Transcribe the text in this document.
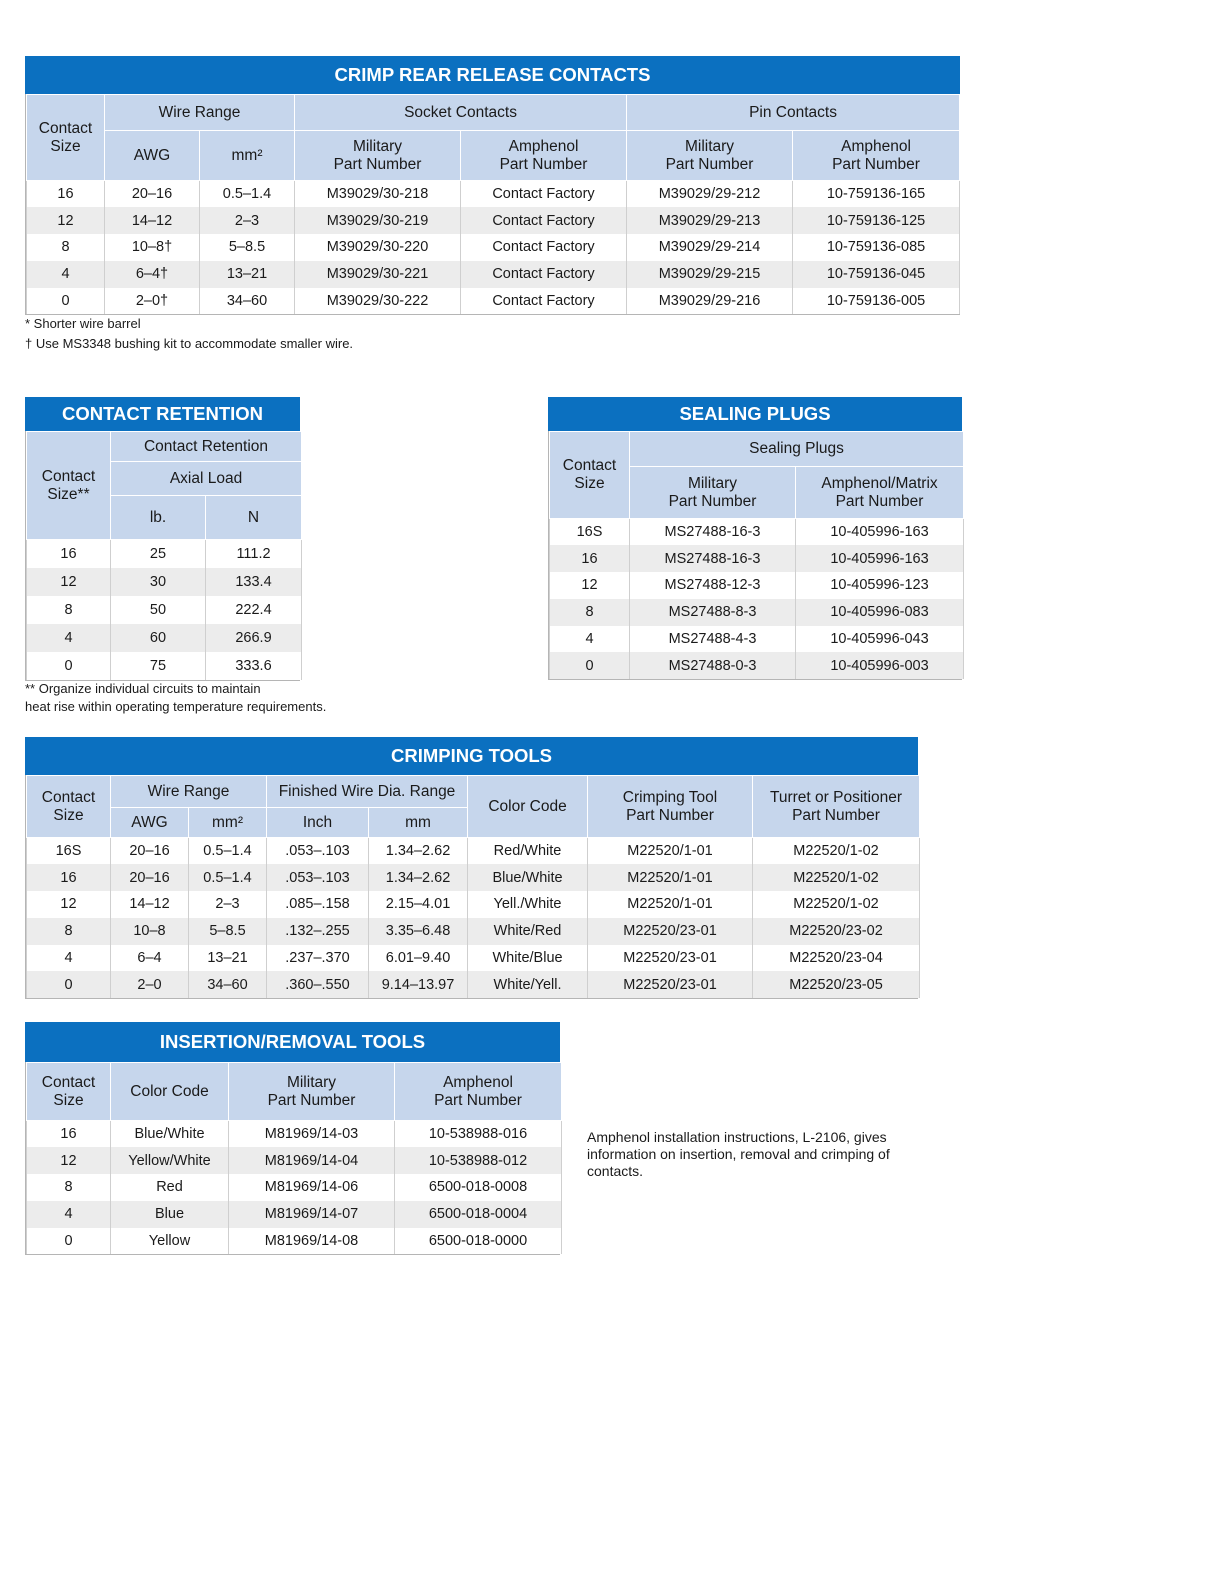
CRIMP REAR RELEASE CONTACTS
Contact
Size	Wire Range		Socket Contacts		Pin Contacts	
	AWG	mm²	Military
Part Number	Amphenol
Part Number	Military
Part Number	Amphenol
Part Number
16	20–16	0.5–1.4	M39029/30-218	Contact Factory	M39029/29-212	10-759136-165
12	14–12	2–3	M39029/30-219	Contact Factory	M39029/29-213	10-759136-125
8	10–8†	5–8.5	M39029/30-220	Contact Factory	M39029/29-214	10-759136-085
4	6–4†	13–21	M39029/30-221	Contact Factory	M39029/29-215	10-759136-045
0	2–0†	34–60	M39029/30-222	Contact Factory	M39029/29-216	10-759136-005
* Shorter wire barrel
† Use MS3348 bushing kit to accommodate smaller wire.
CONTACT RETENTION
Contact
Size**	Contact Retention	
	Axial Load	
	lb.	N
16	25	111.2
12	30	133.4
8	50	222.4
4	60	266.9
0	75	333.6
** Organize individual circuits to maintain
heat rise within operating temperature requirements.
SEALING PLUGS
Contact
Size	Sealing Plugs	
	Military
Part Number	Amphenol/Matrix
Part Number
16S	MS27488-16-3	10-405996-163
16	MS27488-16-3	10-405996-163
12	MS27488-12-3	10-405996-123
8	MS27488-8-3	10-405996-083
4	MS27488-4-3	10-405996-043
0	MS27488-0-3	10-405996-003
CRIMPING TOOLS
Contact
Size	Wire Range		Finished Wire Dia. Range		Color Code	Crimping Tool
Part Number	Turret or Positioner
Part Number
	AWG	mm²	Inch	mm			
16S	20–16	0.5–1.4	.053–.103	1.34–2.62	Red/White	M22520/1-01	M22520/1-02
16	20–16	0.5–1.4	.053–.103	1.34–2.62	Blue/White	M22520/1-01	M22520/1-02
12	14–12	2–3	.085–.158	2.15–4.01	Yell./White	M22520/1-01	M22520/1-02
8	10–8	5–8.5	.132–.255	3.35–6.48	White/Red	M22520/23-01	M22520/23-02
4	6–4	13–21	.237–.370	6.01–9.40	White/Blue	M22520/23-01	M22520/23-04
0	2–0	34–60	.360–.550	9.14–13.97	White/Yell.	M22520/23-01	M22520/23-05
INSERTION/REMOVAL TOOLS
Contact
Size	Color Code	Military
Part Number	Amphenol
Part Number
16	Blue/White	M81969/14-03	10-538988-016
12	Yellow/White	M81969/14-04	10-538988-012
8	Red	M81969/14-06	6500-018-0008
4	Blue	M81969/14-07	6500-018-0004
0	Yellow	M81969/14-08	6500-018-0000
Amphenol installation instructions, L-2106, gives information on insertion, removal and crimping of contacts.
